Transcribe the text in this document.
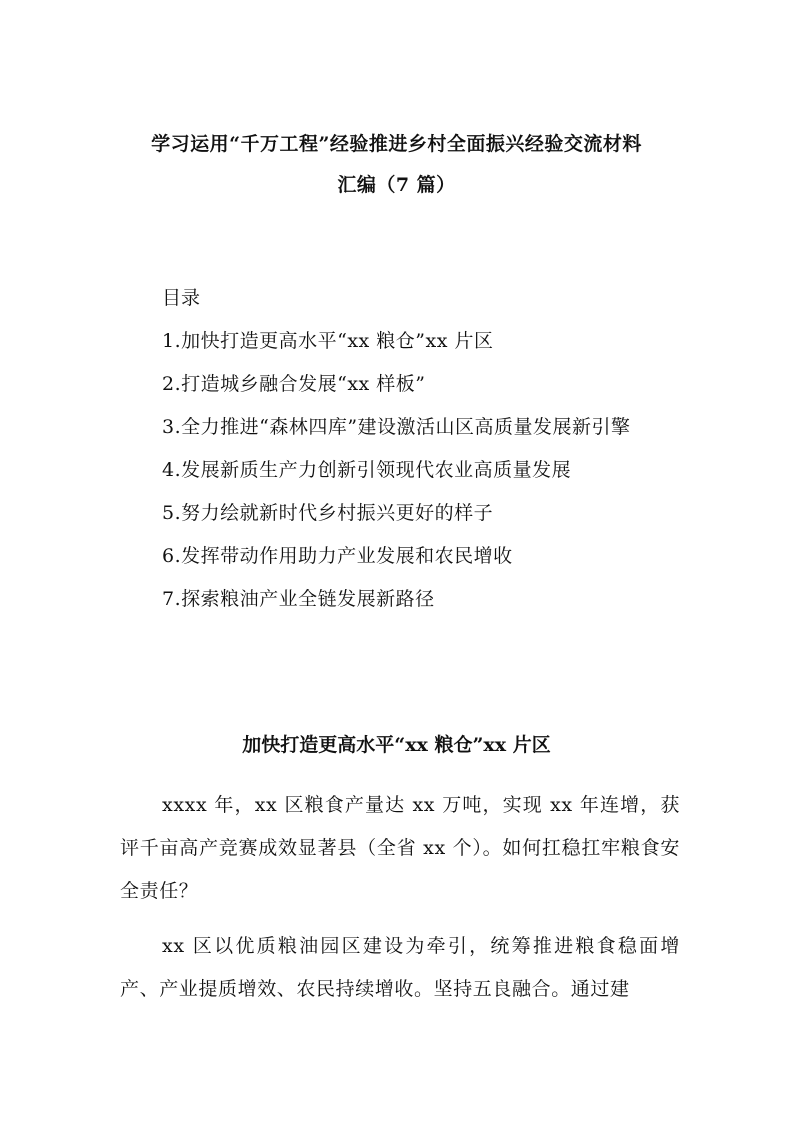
学习运用“千万工程”经验推进乡村全面振兴经验交流材料
汇编（7 篇）
目录
1.加快打造更高水平“xx 粮仓”xx 片区
2.打造城乡融合发展“xx 样板”
3.全力推进“森林四库”建设激活山区高质量发展新引擎
4.发展新质生产力创新引领现代农业高质量发展
5.努力绘就新时代乡村振兴更好的样子
6.发挥带动作用助力产业发展和农民增收
7.探索粮油产业全链发展新路径
加快打造更高水平“xx 粮仓”xx 片区

xxxx 年，xx 区粮食产量达 xx 万吨，实现 xx 年连增，获评千亩高产竞赛成效显著县（全省 xx 个）。如何扛稳扛牢粮食安全责任？

xx 区以优质粮油园区建设为牵引，统筹推进粮食稳面增产、产业提质增效、农民持续增收。坚持五良融合。通过建
